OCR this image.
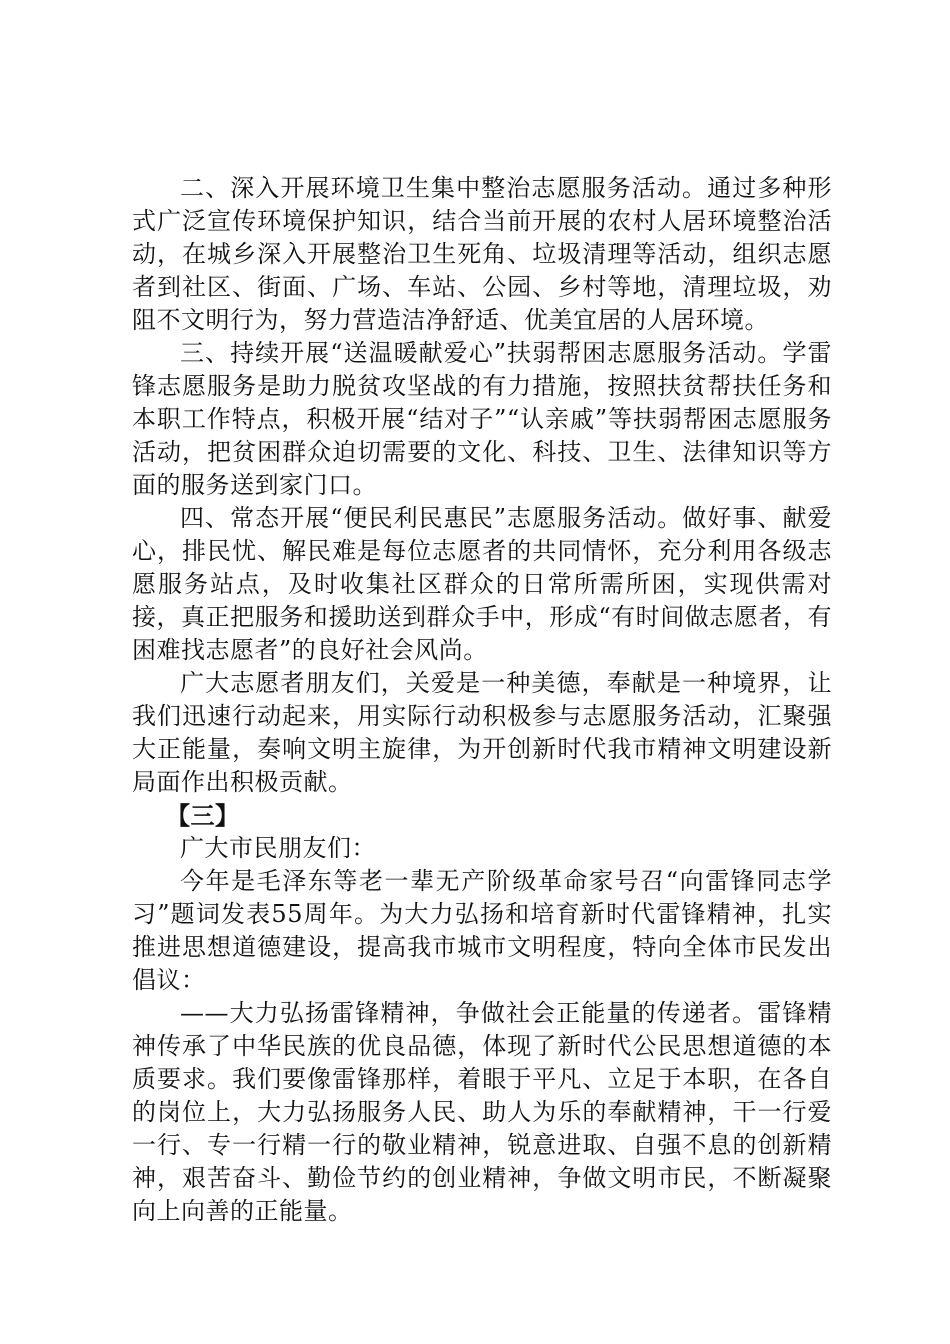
二、深入开展环境卫生集中整治志愿服务活动。通过多种形式广泛宣传环境保护知识，结合当前开展的农村人居环境整治活动，在城乡深入开展整治卫生死角、垃圾清理等活动，组织志愿者到社区、街面、广场、车站、公园、乡村等地，清理垃圾，劝阻不文明行为，努力营造洁净舒适、优美宜居的人居环境。

三、持续开展“送温暖献爱心”扶弱帮困志愿服务活动。学雷锋志愿服务是助力脱贫攻坚战的有力措施，按照扶贫帮扶任务和本职工作特点，积极开展“结对子”“认亲戚”等扶弱帮困志愿服务活动，把贫困群众迫切需要的文化、科技、卫生、法律知识等方面的服务送到家门口。

四、常态开展“便民利民惠民”志愿服务活动。做好事、献爱心，排民忧、解民难是每位志愿者的共同情怀，充分利用各级志愿服务站点，及时收集社区群众的日常所需所困，实现供需对接，真正把服务和援助送到群众手中，形成“有时间做志愿者，有困难找志愿者”的良好社会风尚。

广大志愿者朋友们，关爱是一种美德，奉献是一种境界，让我们迅速行动起来，用实际行动积极参与志愿服务活动，汇聚强大正能量，奏响文明主旋律，为开创新时代我市精神文明建设新局面作出积极贡献。

【三】

广大市民朋友们：

今年是毛泽东等老一辈无产阶级革命家号召“向雷锋同志学习”题词发表55周年。为大力弘扬和培育新时代雷锋精神，扎实推进思想道德建设，提高我市城市文明程度，特向全体市民发出倡议：

——大力弘扬雷锋精神，争做社会正能量的传递者。雷锋精神传承了中华民族的优良品德，体现了新时代公民思想道德的本质要求。我们要像雷锋那样，着眼于平凡、立足于本职，在各自的岗位上，大力弘扬服务人民、助人为乐的奉献精神，干一行爱一行、专一行精一行的敬业精神，锐意进取、自强不息的创新精神，艰苦奋斗、勤俭节约的创业精神，争做文明市民，不断凝聚向上向善的正能量。
